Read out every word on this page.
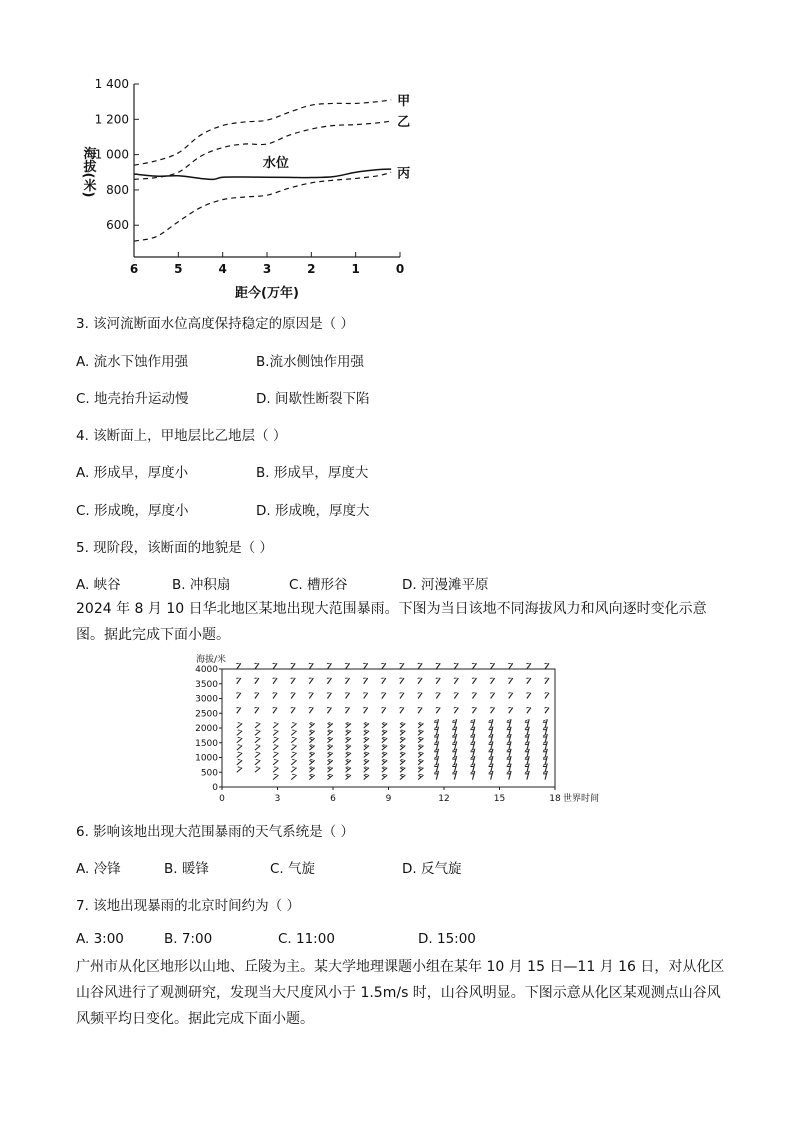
1 400
1 200
1 000
800
600
6	5	4	3	2	1	0
海拔(米)
距今(万年)
甲
乙
水位
丙
3. 该河流断面水位高度保持稳定的原因是（ ）
A. 流水下蚀作用强	B.流水侧蚀作用强
C. 地壳抬升运动慢	D. 间歇性断裂下陷
4. 该断面上，甲地层比乙地层（ ）
A. 形成早，厚度小	B. 形成早，厚度大
C. 形成晚，厚度小	D. 形成晚，厚度大
5. 现阶段，该断面的地貌是（ ）
A. 峡谷	B. 冲积扇	C. 槽形谷	D. 河漫滩平原
2024 年 8 月 10 日华北地区某地出现大范围暴雨。下图为当日该地不同海拔风力和风向逐时变化示意图。据此完成下面小题。
海拔/米
4000
3500
3000
2500
2000
1500
1000
500
0
0	3	6	9	12	15	18 世界时间
6. 影响该地出现大范围暴雨的天气系统是（ ）
A. 冷锋	B. 暖锋	C. 气旋	D. 反气旋
7. 该地出现暴雨的北京时间约为（ ）
A. 3:00	B. 7:00	C. 11:00	D. 15:00
广州市从化区地形以山地、丘陵为主。某大学地理课题小组在某年 10 月 15 日—11 月 16 日，对从化区山谷风进行了观测研究，发现当大尺度风小于 1.5m/s 时，山谷风明显。下图示意从化区某观测点山谷风风频平均日变化。据此完成下面小题。
